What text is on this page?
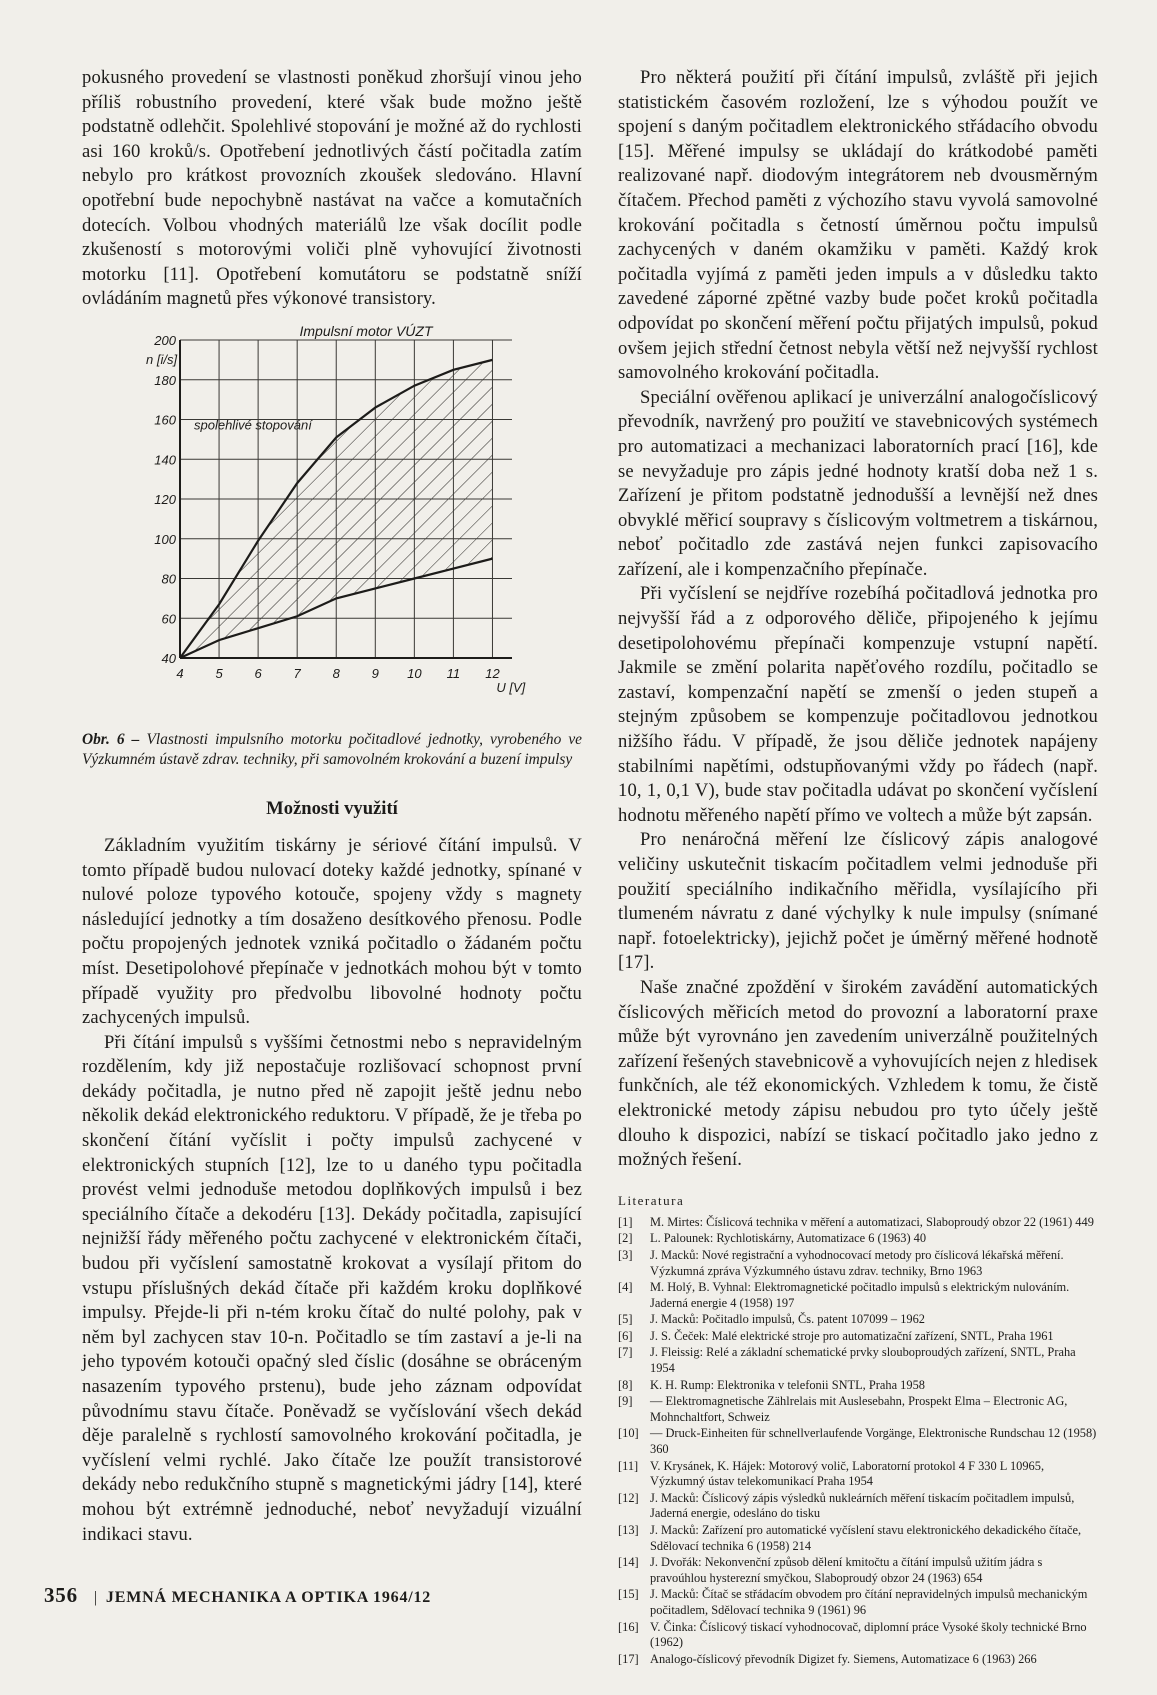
pokusného provedení se vlastnosti poněkud zhoršují vinou jeho příliš robustního provedení, které však bude možno ještě podstatně odlehčit. Spolehlivé stopování je možné až do rychlosti asi 160 kroků/s. Opotřebení jednotlivých částí počitadla zatím nebylo pro krátkost provozních zkoušek sledováno. Hlavní opotřební bude nepochybně nastávat na vačce a komutačních dotecích. Volbou vhodných materiálů lze však docílit podle zkušeností s motorovými voliči plně vyhovující životnosti motorku [11]. Opotřebení komutátoru se podstatně sníží ovládáním magnetů přes výkonové transistory.

40
60
80
100
120
140
160
180
200
4 5 6 7 8 9 10 11 12
n [i/s]
U [V]
Impulsní motor VÚZT
spolehlivé stopování

Obr. 6 – Vlastnosti impulsního motorku počitadlové jednotky, vyrobeného ve Výzkumném ústavě zdrav. techniky, při samovolném krokování a buzení impulsy

Možnosti využití

Základním využitím tiskárny je sériové čítání impulsů. V tomto případě budou nulovací doteky každé jednotky, spínané v nulové poloze typového kotouče, spojeny vždy s magnety následující jednotky a tím dosaženo desítkového přenosu. Podle počtu propojených jednotek vzniká počitadlo o žádaném počtu míst. Desetipolohové přepínače v jednotkách mohou být v tomto případě využity pro předvolbu libovolné hodnoty počtu zachycených impulsů.

Při čítání impulsů s vyššími četnostmi nebo s nepravidelným rozdělením, kdy již nepostačuje rozlišovací schopnost první dekády počitadla, je nutno před ně zapojit ještě jednu nebo několik dekád elektronického reduktoru. V případě, že je třeba po skončení čítání vyčíslit i počty impulsů zachycené v elektronických stupních [12], lze to u daného typu počitadla provést velmi jednoduše metodou doplňkových impulsů i bez speciálního čítače a dekodéru [13]. Dekády počitadla, zapisující nejnižší řády měřeného počtu zachycené v elektronickém čítači, budou při vyčíslení samostatně krokovat a vysílají přitom do vstupu příslušných dekád čítače při každém kroku doplňkové impulsy. Přejde-li při n-tém kroku čítač do nulté polohy, pak v něm byl zachycen stav 10-n. Počitadlo se tím zastaví a je-li na jeho typovém kotouči opačný sled číslic (dosáhne se obráceným nasazením typového prstenu), bude jeho záznam odpovídat původnímu stavu čítače. Poněvadž se vyčíslování všech dekád děje paralelně s rychlostí samovolného krokování počitadla, je vyčíslení velmi rychlé. Jako čítače lze použít transistorové dekády nebo redukčního stupně s magnetickými jádry [14], které mohou být extrémně jednoduché, neboť nevyžadují vizuální indikaci stavu.

Pro některá použití při čítání impulsů, zvláště při jejich statistickém časovém rozložení, lze s výhodou použít ve spojení s daným počitadlem elektronického střádacího obvodu [15]. Měřené impulsy se ukládají do krátkodobé paměti realizované např. diodovým integrátorem neb dvousměrným čítačem. Přechod paměti z výchozího stavu vyvolá samovolné krokování počitadla s četností úměrnou počtu impulsů zachycených v daném okamžiku v paměti. Každý krok počitadla vyjímá z paměti jeden impuls a v důsledku takto zavedené záporné zpětné vazby bude počet kroků počitadla odpovídat po skončení měření počtu přijatých impulsů, pokud ovšem jejich střední četnost nebyla větší než nejvyšší rychlost samovolného krokování počitadla.

Speciální ověřenou aplikací je univerzální analogočíslicový převodník, navržený pro použití ve stavebnicových systémech pro automatizaci a mechanizaci laboratorních prací [16], kde se nevyžaduje pro zápis jedné hodnoty kratší doba než 1 s. Zařízení je přitom podstatně jednodušší a levnější než dnes obvyklé měřicí soupravy s číslicovým voltmetrem a tiskárnou, neboť počitadlo zde zastává nejen funkci zapisovacího zařízení, ale i kompenzačního přepínače.

Při vyčíslení se nejdříve rozebíhá počitadlová jednotka pro nejvyšší řád a z odporového děliče, připojeného k jejímu desetipolohovému přepínači kompenzuje vstupní napětí. Jakmile se změní polarita napěťového rozdílu, počitadlo se zastaví, kompenzační napětí se zmenší o jeden stupeň a stejným způsobem se kompenzuje počitadlovou jednotkou nižšího řádu. V případě, že jsou děliče jednotek napájeny stabilními napětími, odstupňovanými vždy po řádech (např. 10, 1, 0,1 V), bude stav počitadla udávat po skončení vyčíslení hodnotu měřeného napětí přímo ve voltech a může být zapsán.

Pro nenáročná měření lze číslicový zápis analogové veličiny uskutečnit tiskacím počitadlem velmi jednoduše při použití speciálního indikačního měřidla, vysílajícího při tlumeném návratu z dané výchylky k nule impulsy (snímané např. fotoelektricky), jejichž počet je úměrný měřené hodnotě [17].

Naše značné zpoždění v širokém zavádění automatických číslicových měřicích metod do provozní a laboratorní praxe může být vyrovnáno jen zavedením univerzálně použitelných zařízení řešených stavebnicově a vyhovujících nejen z hledisek funkčních, ale též ekonomických. Vzhledem k tomu, že čistě elektronické metody zápisu nebudou pro tyto účely ještě dlouho k dispozici, nabízí se tiskací počitadlo jako jedno z možných řešení.

Literatura
[1]	M. Mirtes: Číslicová technika v měření a automatizaci, Slaboproudý obzor 22 (1961) 449
[2]	L. Palounek: Rychlotiskárny, Automatizace 6 (1963) 40
[3]	J. Macků: Nové registrační a vyhodnocovací metody pro číslicová lékařská měření. Výzkumná zpráva Výzkumného ústavu zdrav. techniky, Brno 1963
[4]	M. Holý, B. Vyhnal: Elektromagnetické počitadlo impulsů s elektrickým nulováním. Jaderná energie 4 (1958) 197
[5]	J. Macků: Počitadlo impulsů, Čs. patent 107099 – 1962
[6]	J. S. Čeček: Malé elektrické stroje pro automatizační zařízení, SNTL, Praha 1961
[7]	J. Fleissig: Relé a základní schematické prvky slouboproudých zařízení, SNTL, Praha 1954
[8]	K. H. Rump: Elektronika v telefonii SNTL, Praha 1958
[9]	— Elektromagnetische Zählrelais mit Auslesebahn, Prospekt Elma – Electronic AG, Mohnchaltfort, Schweiz
[10] — Druck-Einheiten für schnellverlaufende Vorgänge, Elektronische Rundschau 12 (1958) 360
[11] V. Krysánek, K. Hájek: Motorový volič, Laboratorní protokol 4 F 330 L 10965, Výzkumný ústav telekomunikací Praha 1954
[12] J. Macků: Číslicový zápis výsledků nukleárních měření tiskacím počitadlem impulsů, Jaderná energie, odesláno do tisku
[13] J. Macků: Zařízení pro automatické vyčíslení stavu elektronického dekadického čítače, Sdělovací technika 6 (1958) 214
[14] J. Dvořák: Nekonvenční způsob dělení kmitočtu a čítání impulsů užitím jádra s pravoúhlou hysterezní smyčkou, Slaboproudý obzor 24 (1963) 654
[15] J. Macků: Čítač se střádacím obvodem pro čítání nepravidelných impulsů mechanickým počitadlem, Sdělovací technika 9 (1961) 96
[16] V. Činka: Číslicový tiskací vyhodnocovač, diplomní práce Vysoké školy technické Brno (1962)
[17] Analogo-číslicový převodník Digizet fy. Siemens, Automatizace 6 (1963) 266
356 | JEMNÁ MECHANIKA A OPTIKA 1964/12
